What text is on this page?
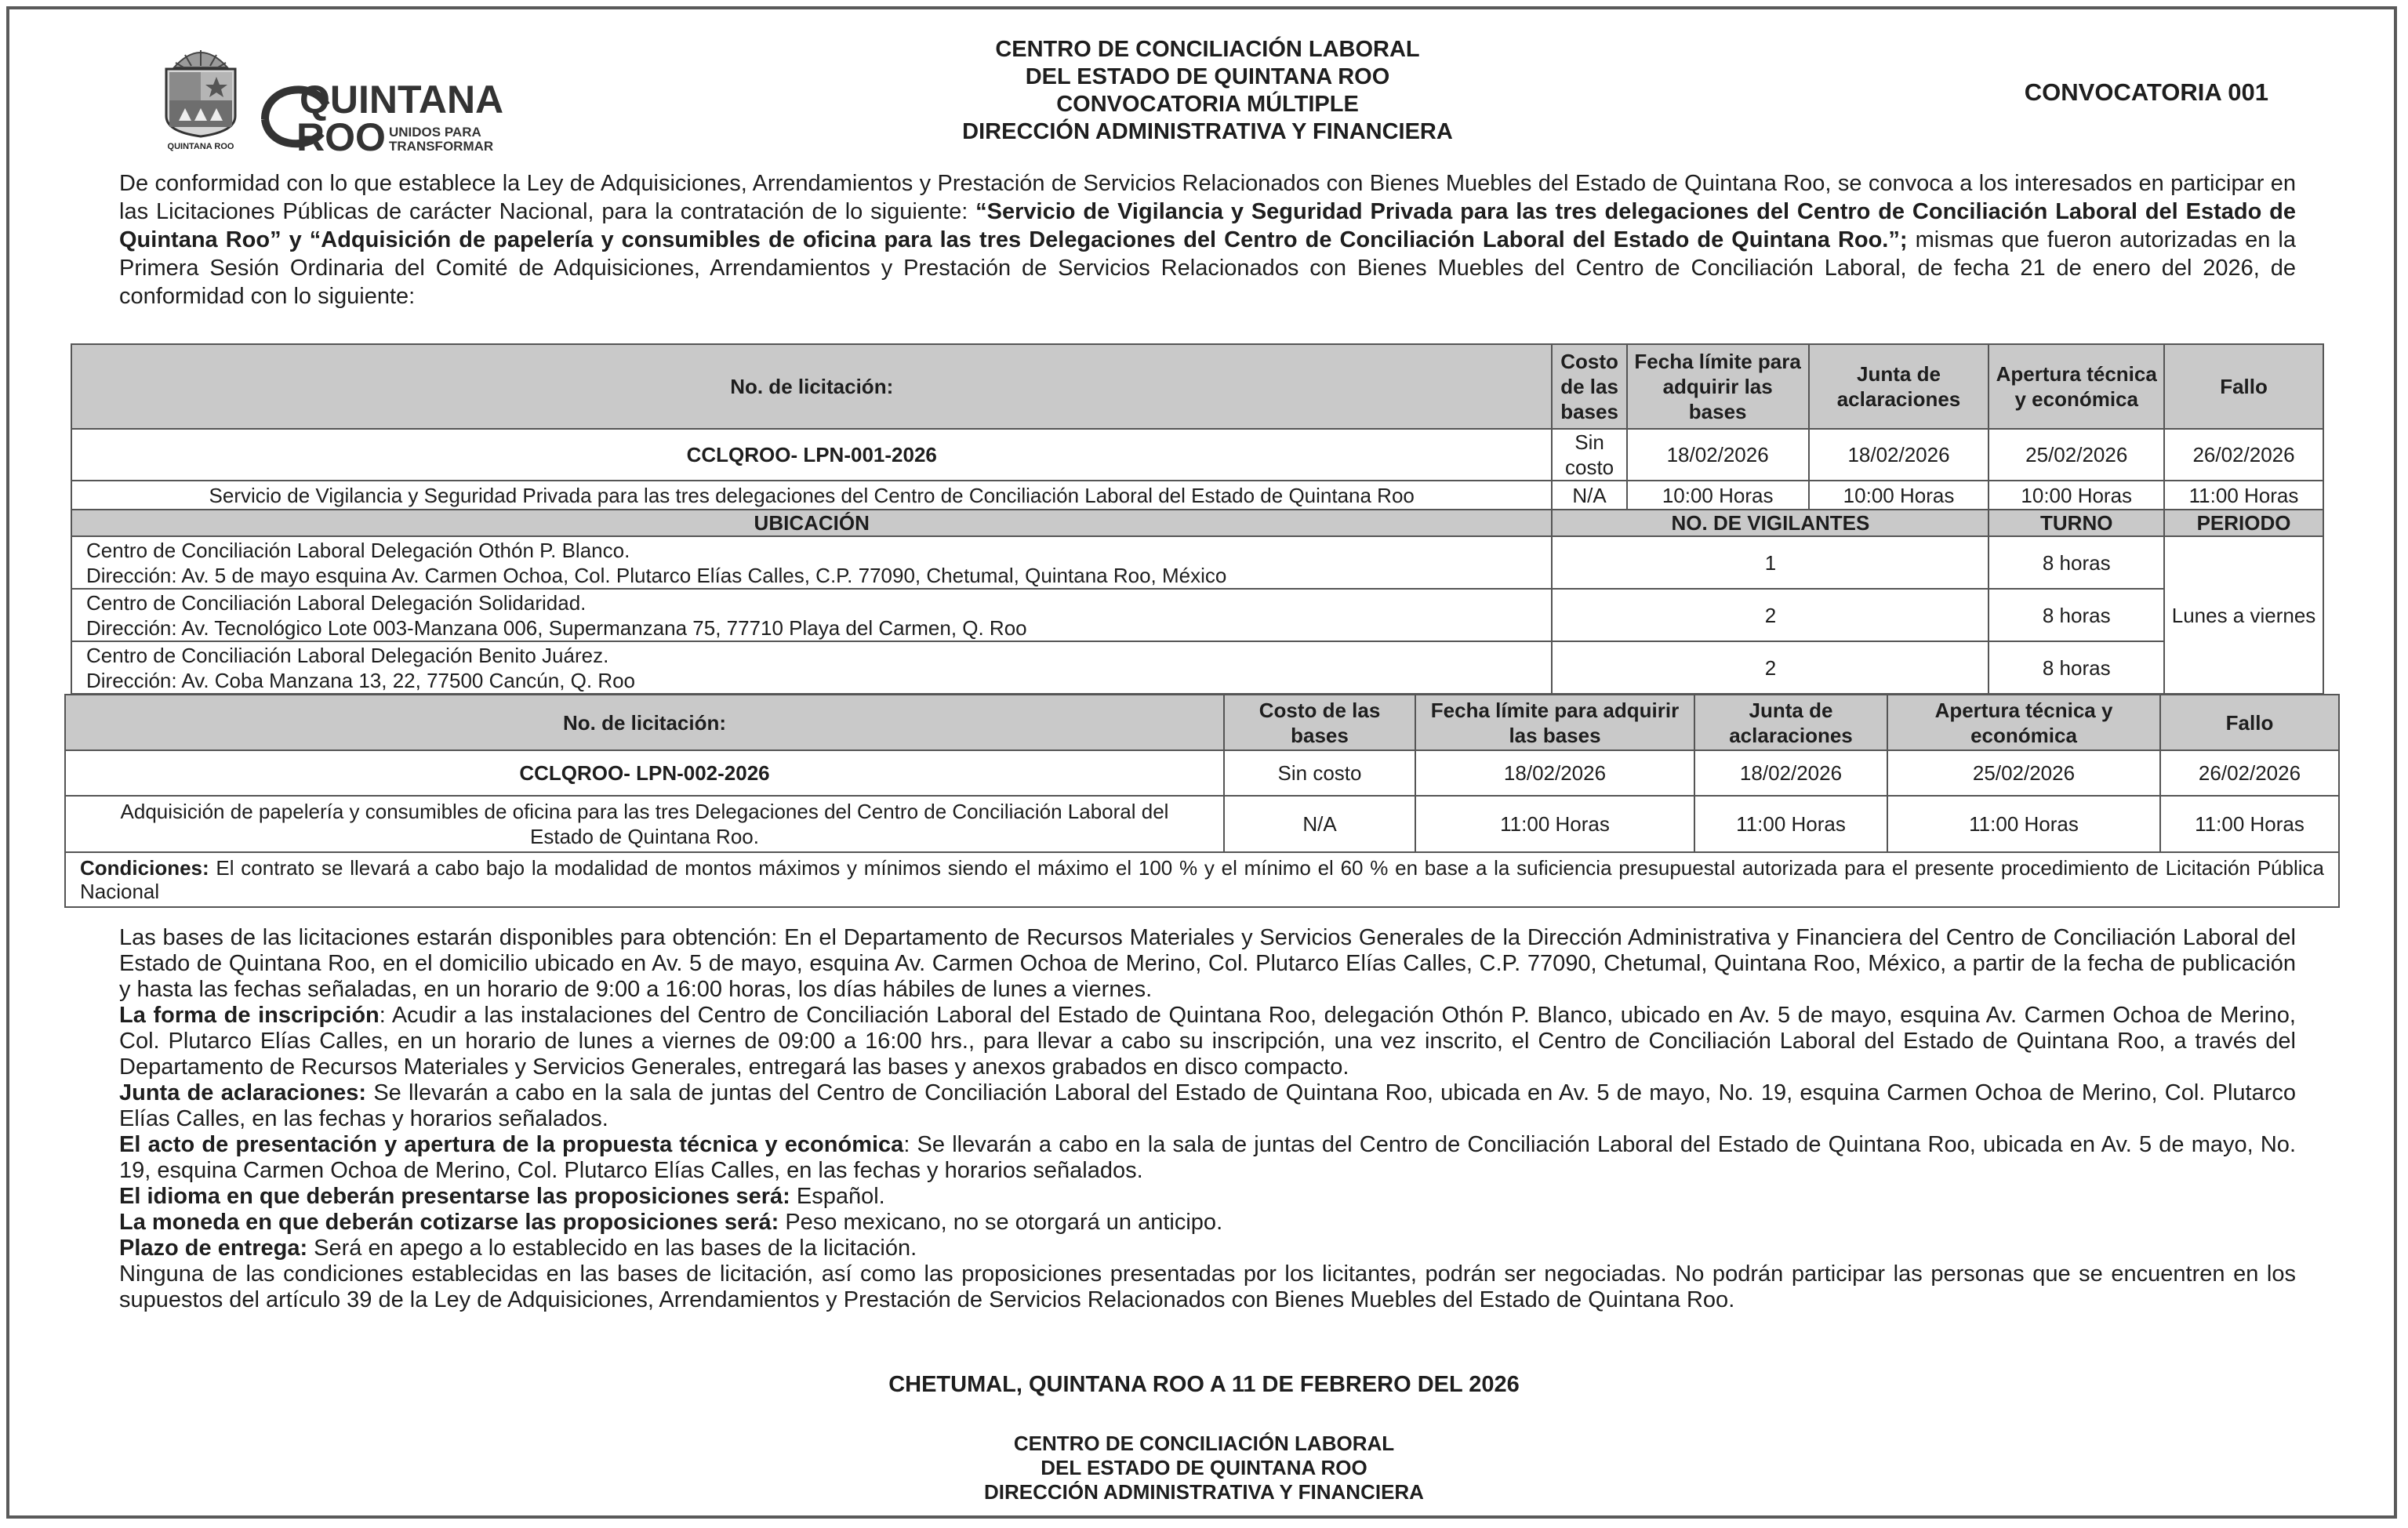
QUINTANA ROO
QUINTANA
ROO UNIDOS PARA
TRANSFORMAR
CENTRO DE CONCILIACIÓN LABORAL
DEL ESTADO DE QUINTANA ROO
CONVOCATORIA MÚLTIPLE
DIRECCIÓN ADMINISTRATIVA Y FINANCIERA
CONVOCATORIA 001
De conformidad con lo que establece la Ley de Adquisiciones, Arrendamientos y Prestación de Servicios Relacionados con Bienes Muebles del Estado de Quintana Roo, se convoca a los interesados en participar en las Licitaciones Públicas de carácter Nacional, para la contratación de lo siguiente: “Servicio de Vigilancia y Seguridad Privada para las tres delegaciones del Centro de Conciliación Laboral del Estado de Quintana Roo” y “Adquisición de papelería y consumibles de oficina para las tres Delegaciones del Centro de Conciliación Laboral del Estado de Quintana Roo.”; mismas que fueron autorizadas en la Primera Sesión Ordinaria del Comité de Adquisiciones, Arrendamientos y Prestación de Servicios Relacionados con Bienes Muebles del Centro de Conciliación Laboral, de fecha 21 de enero del 2026, de conformidad con lo siguiente:
No. de licitación:	Costo de las bases	Fecha límite para adquirir las bases	Junta de aclaraciones	Apertura técnica y económica	Fallo
CCLQROO- LPN-001-2026	Sin costo	18/02/2026	18/02/2026	25/02/2026	26/02/2026
Servicio de Vigilancia y Seguridad Privada para las tres delegaciones del Centro de Conciliación Laboral del Estado de Quintana Roo	N/A	10:00 Horas	10:00 Horas	10:00 Horas	11:00 Horas
UBICACIÓN	NO. DE VIGILANTES			TURNO	PERIODO

Centro de Conciliación Laboral Delegación Othón P. Blanco.
Dirección: Av. 5 de mayo esquina Av. Carmen Ochoa, Col. Plutarco Elías Calles, C.P. 77090, Chetumal, Quintana Roo, México	1			8 horas	Lunes a viernes

Centro de Conciliación Laboral Delegación Solidaridad.
Dirección: Av. Tecnológico Lote 003-Manzana 006, Supermanzana 75, 77710 Playa del Carmen, Q. Roo	2			8 horas	

Centro de Conciliación Laboral Delegación Benito Juárez.
Dirección: Av. Coba Manzana 13, 22, 77500 Cancún, Q. Roo	2			8 horas	
No. de licitación:	Costo de las bases	Fecha límite para adquirir las bases	Junta de aclaraciones	Apertura técnica y económica	Fallo
CCLQROO- LPN-002-2026	Sin costo	18/02/2026	18/02/2026	25/02/2026	26/02/2026
Adquisición de papelería y consumibles de oficina para las tres Delegaciones del Centro de Conciliación Laboral del Estado de Quintana Roo.	N/A	11:00 Horas	11:00 Horas	11:00 Horas	11:00 Horas
Condiciones: El contrato se llevará a cabo bajo la modalidad de montos máximos y mínimos siendo el máximo el 100 % y el mínimo el 60 % en base a la suficiencia presupuestal autorizada para el presente procedimiento de Licitación Pública Nacional					

Las bases de las licitaciones estarán disponibles para obtención: En el Departamento de Recursos Materiales y Servicios Generales de la Dirección Administrativa y Financiera del Centro de Conciliación Laboral del Estado de Quintana Roo, en el domicilio ubicado en Av. 5 de mayo, esquina Av. Carmen Ochoa de Merino, Col. Plutarco Elías Calles, C.P. 77090, Chetumal, Quintana Roo, México, a partir de la fecha de publicación y hasta las fechas señaladas, en un horario de 9:00 a 16:00 horas, los días hábiles de lunes a viernes.

La forma de inscripción: Acudir a las instalaciones del Centro de Conciliación Laboral del Estado de Quintana Roo, delegación Othón P. Blanco, ubicado en Av. 5 de mayo, esquina Av. Carmen Ochoa de Merino, Col. Plutarco Elías Calles, en un horario de lunes a viernes de 09:00 a 16:00 hrs., para llevar a cabo su inscripción, una vez inscrito, el Centro de Conciliación Laboral del Estado de Quintana Roo, a través del Departamento de Recursos Materiales y Servicios Generales, entregará las bases y anexos grabados en disco compacto.

Junta de aclaraciones: Se llevarán a cabo en la sala de juntas del Centro de Conciliación Laboral del Estado de Quintana Roo, ubicada en Av. 5 de mayo, No. 19, esquina Carmen Ochoa de Merino, Col. Plutarco Elías Calles, en las fechas y horarios señalados.

El acto de presentación y apertura de la propuesta técnica y económica: Se llevarán a cabo en la sala de juntas del Centro de Conciliación Laboral del Estado de Quintana Roo, ubicada en Av. 5 de mayo, No. 19, esquina Carmen Ochoa de Merino, Col. Plutarco Elías Calles, en las fechas y horarios señalados.

El idioma en que deberán presentarse las proposiciones será: Español.

La moneda en que deberán cotizarse las proposiciones será: Peso mexicano, no se otorgará un anticipo.

Plazo de entrega: Será en apego a lo establecido en las bases de la licitación.

Ninguna de las condiciones establecidas en las bases de licitación, así como las proposiciones presentadas por los licitantes, podrán ser negociadas. No podrán participar las personas que se encuentren en los supuestos del artículo 39 de la Ley de Adquisiciones, Arrendamientos y Prestación de Servicios Relacionados con Bienes Muebles del Estado de Quintana Roo.

CHETUMAL, QUINTANA ROO A 11 DE FEBRERO DEL 2026
CENTRO DE CONCILIACIÓN LABORAL
DEL ESTADO DE QUINTANA ROO
DIRECCIÓN ADMINISTRATIVA Y FINANCIERA
